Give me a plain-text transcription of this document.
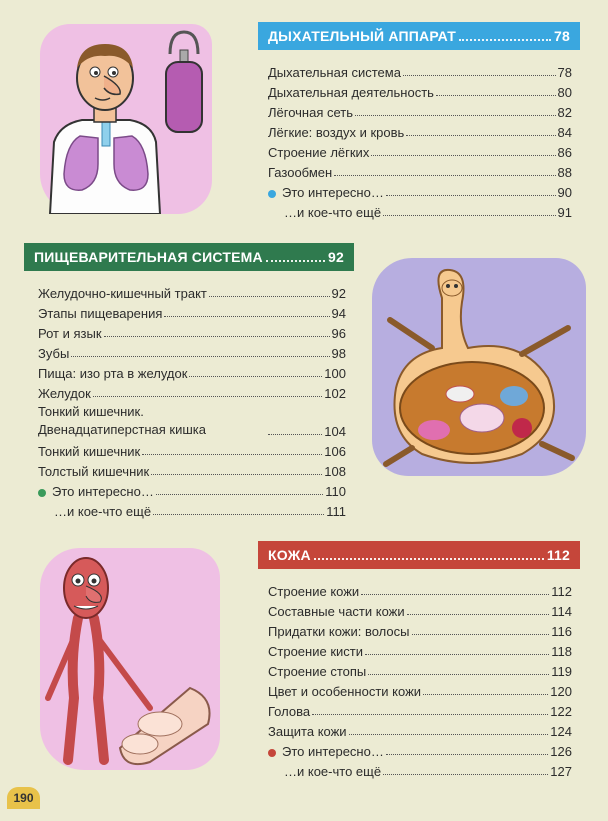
ДЫХАТЕЛЬНЫЙ АППАРАТ	78
Дыхательная система	78
Дыхательная деятельность	80
Лёгочная сеть	82
Лёгкие: воздух и кровь	84
Строение лёгких	86
Газообмен	88
Это интересно…	90
…и кое-что ещё	91
ПИЩЕВАРИТЕЛЬНАЯ СИСТЕМА	92
Желудочно-кишечный тракт	92
Этапы пищеварения	94
Рот и язык	96
Зубы	98
Пища: изо рта в желудок	100
Желудок	102
Тонкий кишечник. Двенадцатиперстная кишка	104
Тонкий кишечник	106
Толстый кишечник	108
Это интересно…	110
…и кое-что ещё	111
КОЖА	112
Строение кожи	112
Составные части кожи	114
Придатки кожи: волосы	116
Строение кисти	118
Строение стопы	119
Цвет и особенности кожи	120
Голова	122
Защита кожи	124
Это интересно…	126
…и кое-что ещё	127
190
